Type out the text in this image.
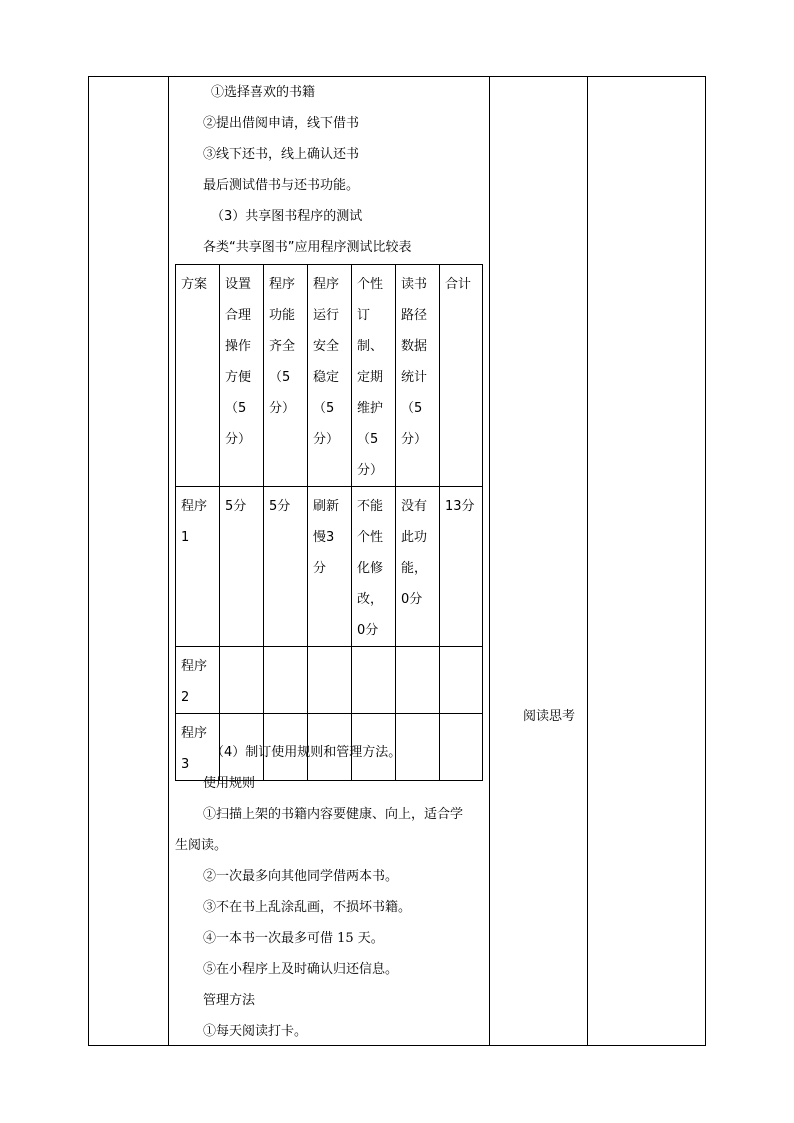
①选择喜欢的书籍
②提出借阅申请，线下借书
③线下还书，线上确认还书
最后测试借书与还书功能。
（3）共享图书程序的测试
各类“共享图书”应用程序测试比较表
方案	设置合理操作方便（5分）	程序功能齐全（5分）	程序运行安全稳定（5分）	个性订制、定期维护（5分）	读书路径数据统计（5分）	合计
程序1	5分	5分	刷新慢3分	不能个性化修改，0分	没有此功能，0分	13分
程序2						
程序3						
（4）制订使用规则和管理方法。
使用规则
①扫描上架的书籍内容要健康、向上，适合学
生阅读。
②一次最多向其他同学借两本书。
③不在书上乱涂乱画，不损坏书籍。
④一本书一次最多可借 15 天。
⑤在小程序上及时确认归还信息。
管理方法
①每天阅读打卡。
阅读思考
